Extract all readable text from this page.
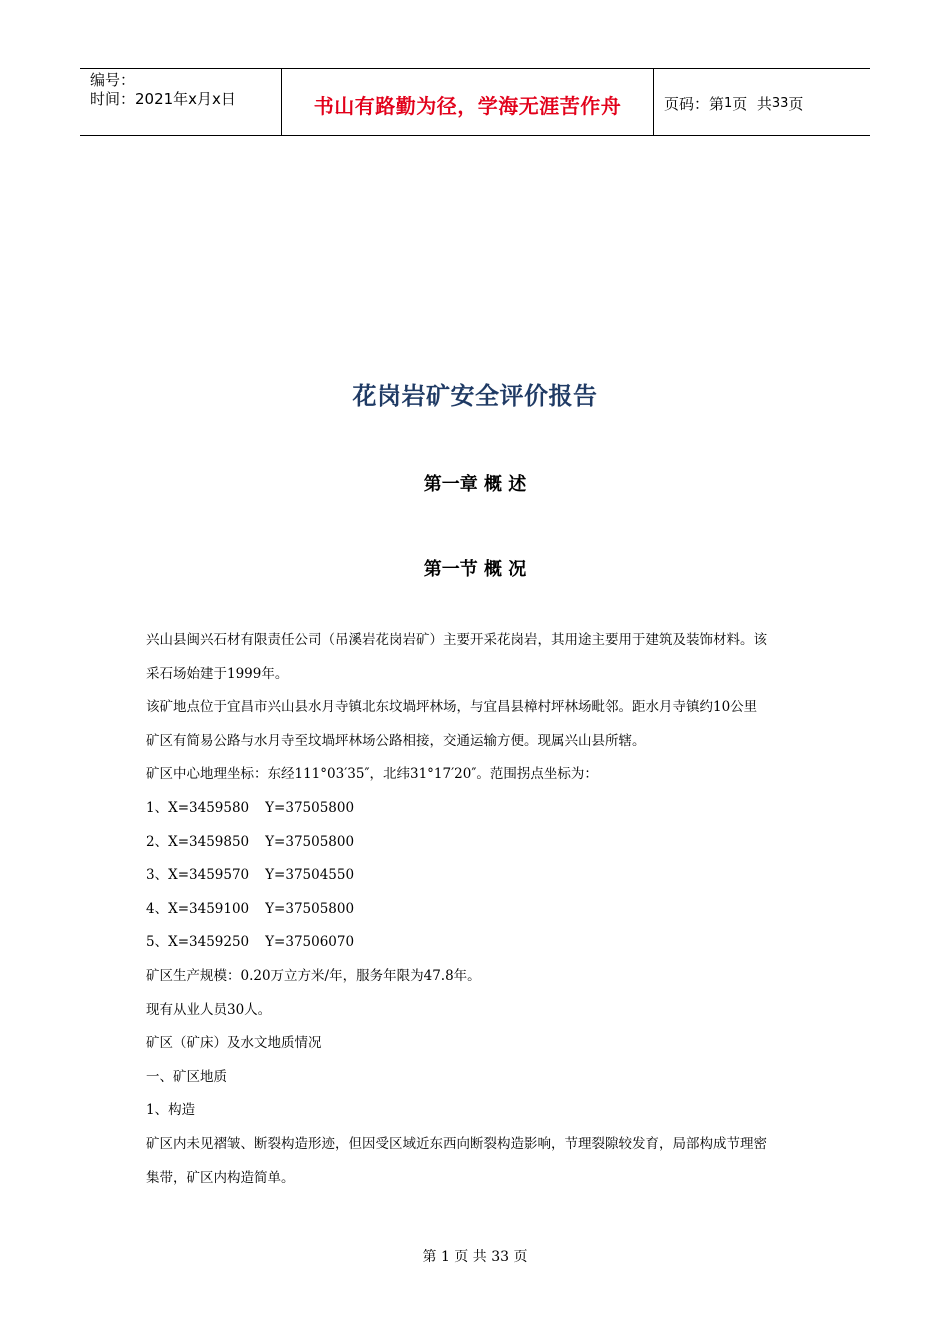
编号：
时间：2021年x月x日	书山有路勤为径，学海无涯苦作舟	页码：第 1 页  共 33 页
花岗岩矿安全评价报告
第一章 概 述
第一节 概 况
兴山县闽兴石材有限责任公司（吊溪岩花岗岩矿）主要开采花岗岩，其用途主要用于建筑及装饰材料。该
采石场始建于1999年。
该矿地点位于宜昌市兴山县水月寺镇北东坟堝坪林场，与宜昌县樟村坪林场毗邻。距水月寺镇约10公里
矿区有简易公路与水月寺至坟堝坪林场公路相接，交通运输方便。现属兴山县所辖。
矿区中心地理坐标：东经111°03′35″，北纬31°17′20″。范围拐点坐标为：
1、X=3459580 Y=37505800
2、X=3459850 Y=37505800
3、X=3459570 Y=37504550
4、X=3459100 Y=37505800
5、X=3459250 Y=37506070
矿区生产规模：0.20万立方米/年，服务年限为47.8年。
现有从业人员30人。
矿区（矿床）及水文地质情况
一、矿区地质
1、构造
矿区内未见褶皱、断裂构造形迹，但因受区域近东西向断裂构造影响，节理裂隙较发育，局部构成节理密
集带，矿区内构造简单。
第 1 页 共 33 页
